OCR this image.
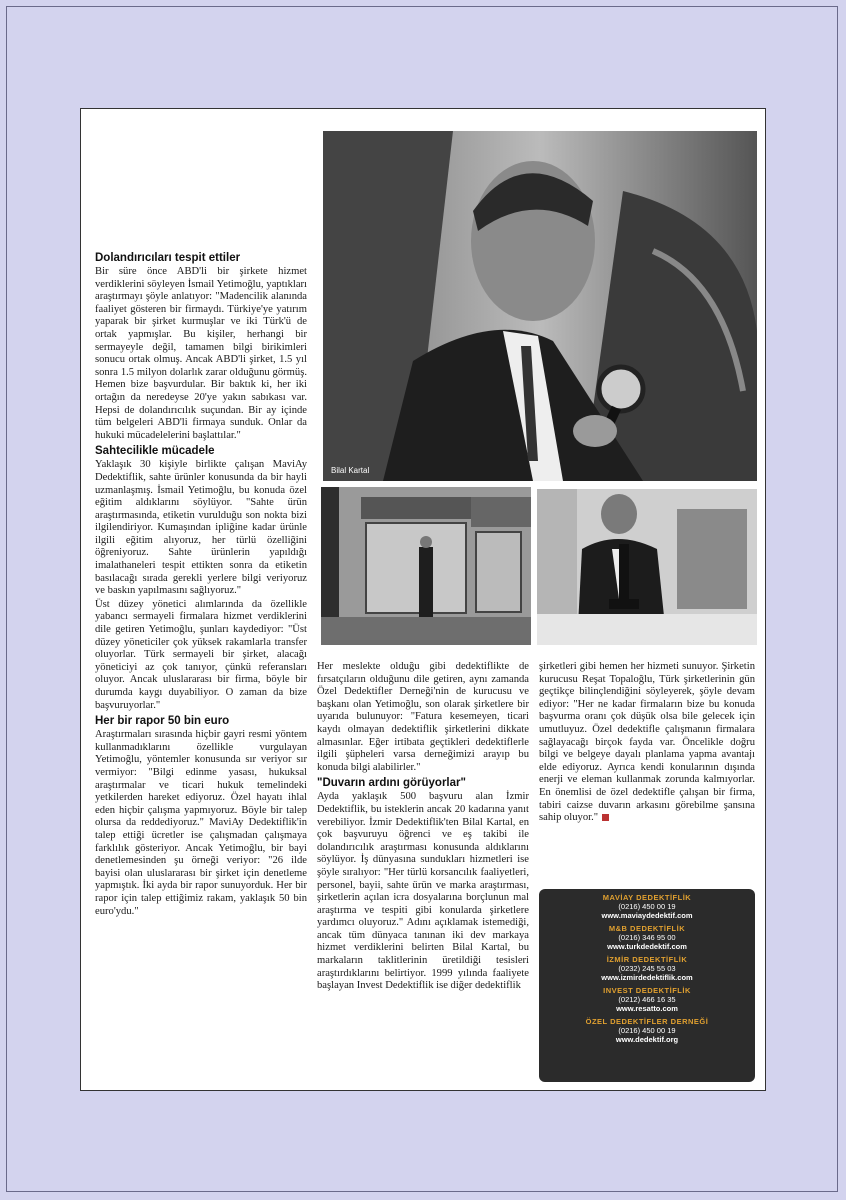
Bilal Kartal
Dolandırıcıları tespit ettiler

Bir süre önce ABD'li bir şirkete hizmet verdiklerini söyleyen İsmail Yetimoğlu, yaptıkları araştırmayı şöyle anlatıyor: "Madencilik alanında faaliyet gösteren bir firmaydı. Türkiye'ye yatırım yaparak bir şirket kurmuşlar ve iki Türk'ü de ortak yapmışlar. Bu kişiler, herhangi bir sermayeyle değil, tamamen bilgi birikimleri sonucu ortak olmuş. Ancak ABD'li şirket, 1.5 yıl sonra 1.5 milyon dolarlık zarar olduğunu görmüş. Hemen bize başvurdular. Bir baktık ki, her iki ortağın da neredeyse 20'ye yakın sabıkası var. Hepsi de dolandırıcılık suçundan. Bir ay içinde tüm belgeleri ABD'li firmaya sunduk. Onlar da hukuki mücadelelerini başlattılar."

Sahtecilikle mücadele

Yaklaşık 30 kişiyle birlikte çalışan MaviAy Dedektiflik, sahte ürünler konusunda da bir hayli uzmanlaşmış. İsmail Yetimoğlu, bu konuda özel eğitim aldıklarını söylüyor. "Sahte ürün araştırmasında, etiketin vurulduğu son nokta bizi ilgilendiriyor. Kumaşından ipliğine kadar ürünle ilgili eğitim alıyoruz, her türlü özelliğini öğreniyoruz. Sahte ürünlerin yapıldığı imalathaneleri tespit ettikten sonra da etiketin basılacağı sırada gerekli yerlere bilgi veriyoruz ve baskın yapılmasını sağlıyoruz."

Üst düzey yönetici alımlarında da özellikle yabancı sermayeli firmalara hizmet verdiklerini dile getiren Yetimoğlu, şunları kaydediyor: "Üst düzey yöneticiler çok yüksek rakamlarla transfer oluyorlar. Türk sermayeli bir şirket, alacağı yöneticiyi az çok tanıyor, çünkü referansları oluyor. Ancak uluslararası bir firma, böyle bir durumda kaygı duyabiliyor. O zaman da bize başvuruyorlar."

Her bir rapor 50 bin euro

Araştırmaları sırasında hiçbir gayri resmi yöntem kullanmadıklarını özellikle vurgulayan Yetimoğlu, yöntemler konusunda sır veriyor sır vermiyor: "Bilgi edinme yasası, hukuksal araştırmalar ve ticari hukuk temelindeki yetkilerden hareket ediyoruz. Özel hayatı ihlal eden hiçbir çalışma yapmıyoruz. Böyle bir talep olursa da reddediyoruz." MaviAy Dedektiflik'in talep ettiği ücretler ise çalışmadan çalışmaya farklılık gösteriyor. Ancak Yetimoğlu, bir bayi denetlemesinden şu örneği veriyor: "26 ilde bayisi olan uluslararası bir şirket için denetleme yapmıştık. İki ayda bir rapor sunuyorduk. Her bir rapor için talep ettiğimiz rakam, yaklaşık 50 bin euro'ydu."

Her meslekte olduğu gibi dedektiflikte de fırsatçıların olduğunu dile getiren, aynı zamanda Özel Dedektifler Derneği'nin de kurucusu ve başkanı olan Yetimoğlu, son olarak şirketlere bir uyarıda bulunuyor: "Fatura kesemeyen, ticari kaydı olmayan dedektiflik şirketlerini dikkate almasınlar. Eğer irtibata geçtikleri dedektiflerle ilgili şüpheleri varsa derneğimizi arayıp bu konuda bilgi alabilirler."

"Duvarın ardını görüyorlar"

Ayda yaklaşık 500 başvuru alan İzmir Dedektiflik, bu isteklerin ancak 20 kadarına yanıt verebiliyor. İzmir Dedektiflik'ten Bilal Kartal, en çok başvuruyu öğrenci ve eş takibi ile dolandırıcılık araştırması konusunda aldıklarını söylüyor. İş dünyasına sundukları hizmetleri ise şöyle sıralıyor: "Her türlü korsancılık faaliyetleri, personel, bayii, sahte ürün ve marka araştırması, şirketlerin açılan icra dosyalarına borçlunun mal araştırma ve tespiti gibi konularda şirketlere yardımcı oluyoruz." Adını açıklamak istemediği, ancak tüm dünyaca tanınan iki dev markaya hizmet verdiklerini belirten Bilal Kartal, bu markaların taklitlerinin üretildiği tesisleri araştırdıklarını belirtiyor. 1999 yılında faaliyete başlayan Invest Dedektiflik ise diğer dedektiflik

şirketleri gibi hemen her hizmeti sunuyor. Şirketin kurucusu Reşat Topaloğlu, Türk şirketlerinin gün geçtikçe bilinçlendiğini söyleyerek, şöyle devam ediyor: "Her ne kadar firmaların bize bu konuda başvurma oranı çok düşük olsa bile gelecek için umutluyuz. Özel dedektifle çalışmanın firmalara sağlayacağı birçok fayda var. Öncelikle doğru bilgi ve belgeye dayalı planlama yapma avantajı elde ediyoruz. Ayrıca kendi konularının dışında enerji ve eleman kullanmak zorunda kalmıyorlar. En önemlisi de özel dedektifle çalışan bir firma, tabiri caizse duvarın arkasını görebilme şansına sahip oluyor."

MAVİAY DEDEKTİFLİK
(0216) 450 00 19
www.maviaydedektif.com
M&B DEDEKTİFLİK
(0216) 346 95 00
www.turkdedektif.com
İZMİR DEDEKTİFLİK
(0232) 245 55 03
www.izmirdedektiflik.com
INVEST DEDEKTİFLİK
(0212) 466 16 35
www.resatto.com
ÖZEL DEDEKTİFLER DERNEĞİ
(0216) 450 00 19
www.dedektif.org
